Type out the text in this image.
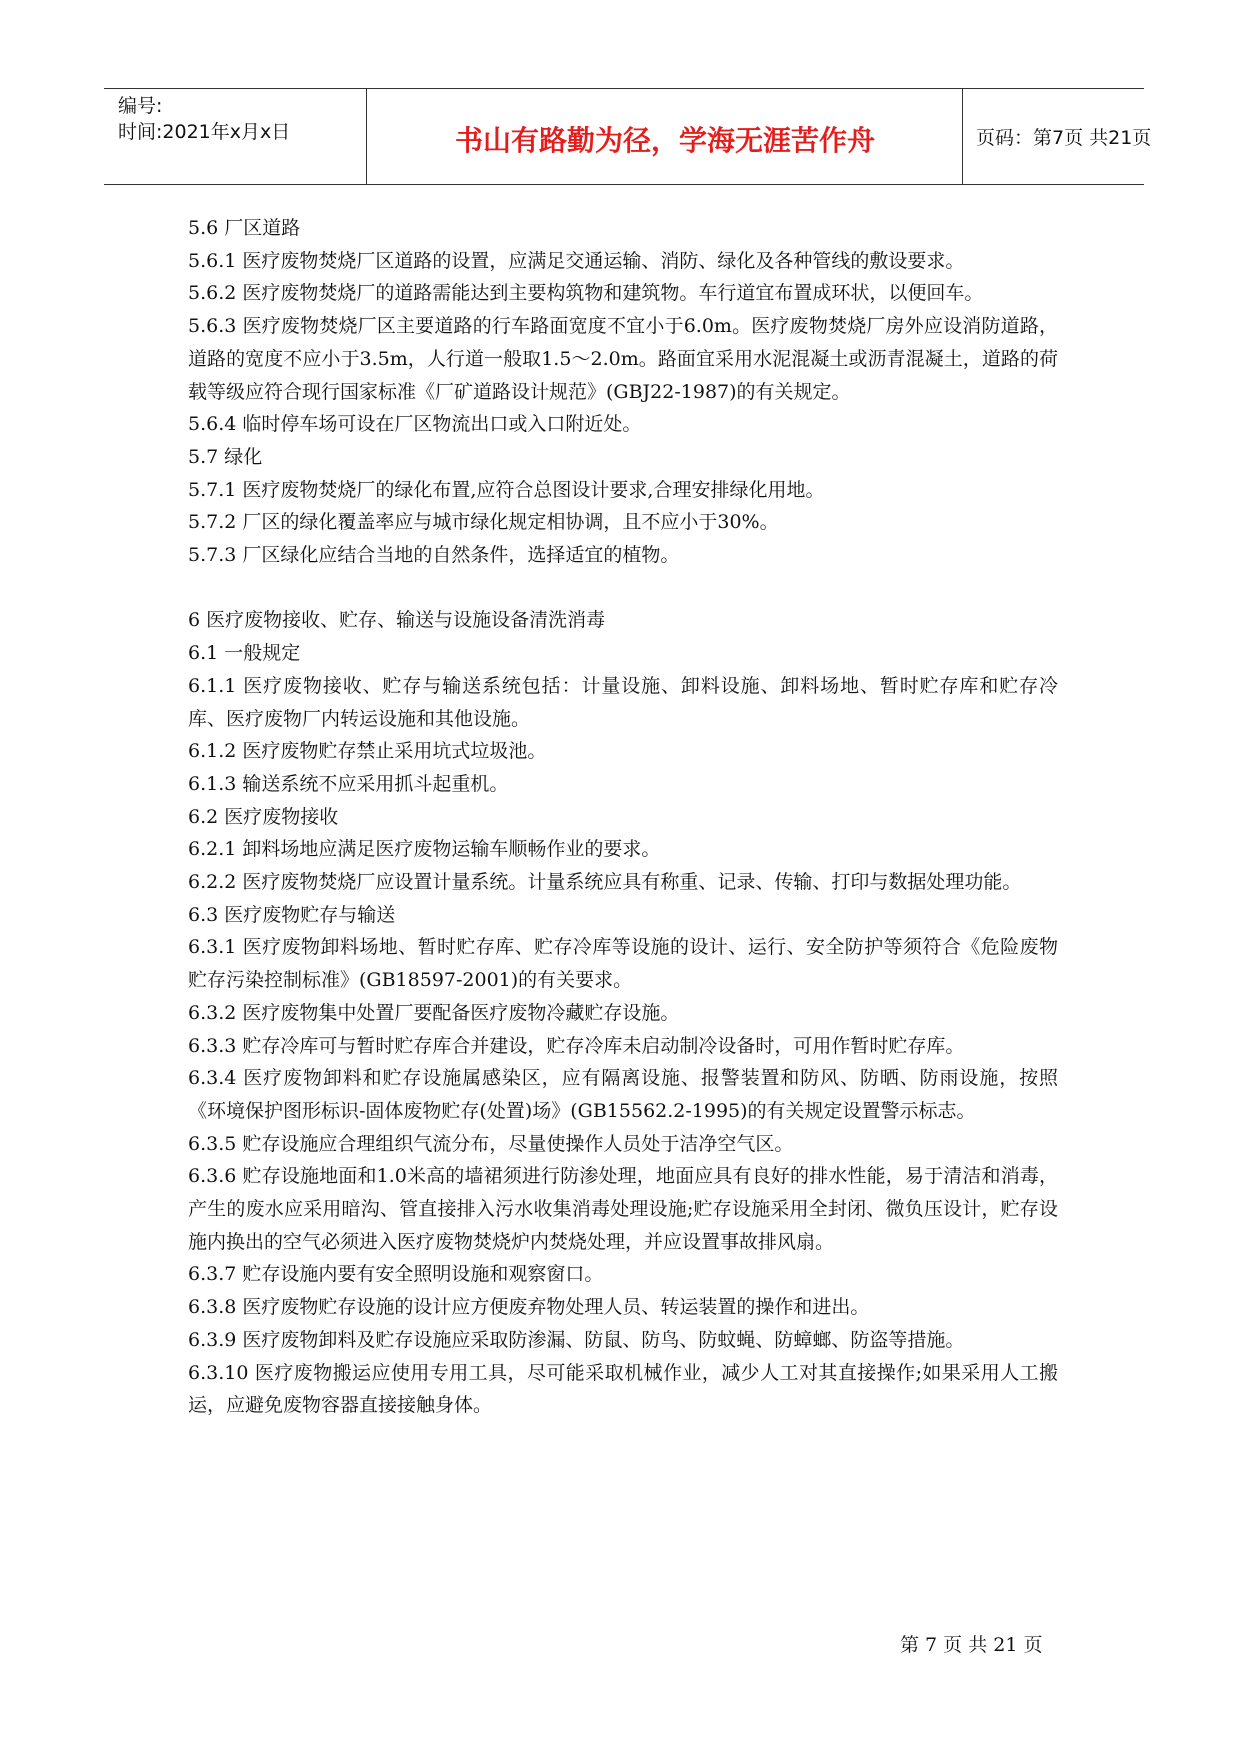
编号:
时间:2021年x月x日	书山有路勤为径，学海无涯苦作舟	页码：第7页 共21页

5.6 厂区道路

5.6.1 医疗废物焚烧厂区道路的设置，应满足交通运输、消防、绿化及各种管线的敷设要求。

5.6.2 医疗废物焚烧厂的道路需能达到主要构筑物和建筑物。车行道宜布置成环状，以便回车。

5.6.3 医疗废物焚烧厂区主要道路的行车路面宽度不宜小于6.0m。医疗废物焚烧厂房外应设消防道路，道路的宽度不应小于3.5m，人行道一般取1.5～2.0m。路面宜采用水泥混凝土或沥青混凝土，道路的荷载等级应符合现行国家标准《厂矿道路设计规范》(GBJ22-1987)的有关规定。

5.6.4 临时停车场可设在厂区物流出口或入口附近处。

5.7 绿化

5.7.1 医疗废物焚烧厂的绿化布置,应符合总图设计要求,合理安排绿化用地。

5.7.2 厂区的绿化覆盖率应与城市绿化规定相协调，且不应小于30%。

5.7.3 厂区绿化应结合当地的自然条件，选择适宜的植物。

6 医疗废物接收、贮存、输送与设施设备清洗消毒

6.1 一般规定

6.1.1 医疗废物接收、贮存与输送系统包括：计量设施、卸料设施、卸料场地、暂时贮存库和贮存冷库、医疗废物厂内转运设施和其他设施。

6.1.2 医疗废物贮存禁止采用坑式垃圾池。

6.1.3 输送系统不应采用抓斗起重机。

6.2 医疗废物接收

6.2.1 卸料场地应满足医疗废物运输车顺畅作业的要求。

6.2.2 医疗废物焚烧厂应设置计量系统。计量系统应具有称重、记录、传输、打印与数据处理功能。

6.3 医疗废物贮存与输送

6.3.1 医疗废物卸料场地、暂时贮存库、贮存冷库等设施的设计、运行、安全防护等须符合《危险废物贮存污染控制标准》(GB18597-2001)的有关要求。

6.3.2 医疗废物集中处置厂要配备医疗废物冷藏贮存设施。

6.3.3 贮存冷库可与暂时贮存库合并建设，贮存冷库未启动制冷设备时，可用作暂时贮存库。

6.3.4 医疗废物卸料和贮存设施属感染区，应有隔离设施、报警装置和防风、防晒、防雨设施，按照《环境保护图形标识-固体废物贮存(处置)场》(GB15562.2-1995)的有关规定设置警示标志。

6.3.5 贮存设施应合理组织气流分布，尽量使操作人员处于洁净空气区。

6.3.6 贮存设施地面和1.0米高的墙裙须进行防渗处理，地面应具有良好的排水性能，易于清洁和消毒，产生的废水应采用暗沟、管直接排入污水收集消毒处理设施;贮存设施采用全封闭、微负压设计，贮存设施内换出的空气必须进入医疗废物焚烧炉内焚烧处理，并应设置事故排风扇。

6.3.7 贮存设施内要有安全照明设施和观察窗口。

6.3.8 医疗废物贮存设施的设计应方便废弃物处理人员、转运装置的操作和进出。

6.3.9 医疗废物卸料及贮存设施应采取防渗漏、防鼠、防鸟、防蚊蝇、防蟑螂、防盗等措施。

6.3.10 医疗废物搬运应使用专用工具，尽可能采取机械作业，减少人工对其直接操作;如果采用人工搬运，应避免废物容器直接接触身体。

第 7 页 共 21 页
